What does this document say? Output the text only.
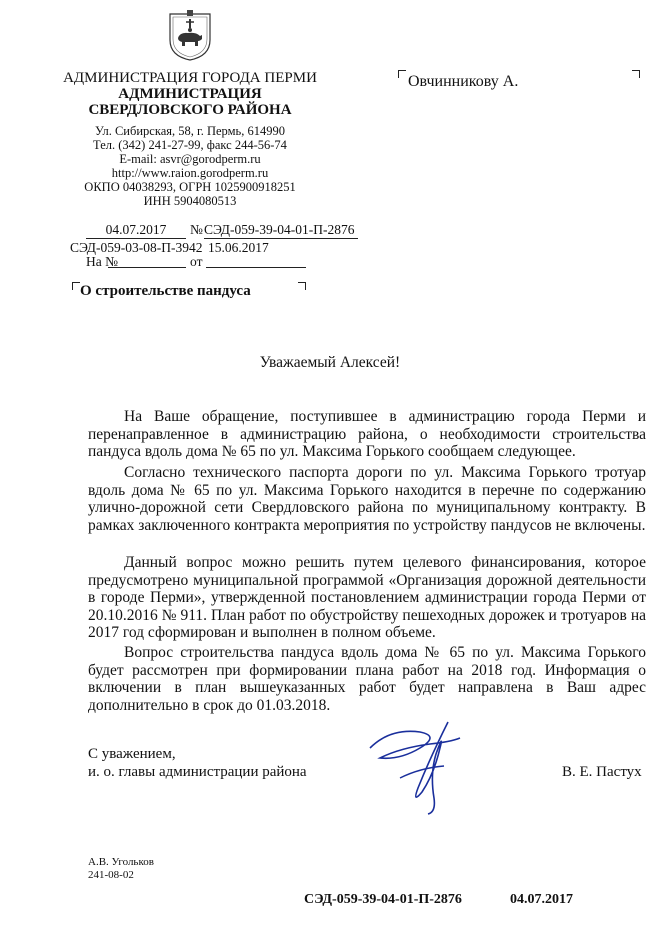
АДМИНИСТРАЦИЯ ГОРОДА ПЕРМИ
АДМИНИСТРАЦИЯ
СВЕРДЛОВСКОГО РАЙОНА
Ул. Сибирская, 58, г. Пермь, 614990
Тел. (342) 241-27-99, факс 244-56-74
E-mail: asvr@gorodperm.ru
http://www.raion.gorodperm.ru
ОКПО 04038293, ОГРН 1025900918251
ИНН 5904080513
Овчинникову А.
04.07.2017	№ СЭД-059-39-04-01-П-2876
СЭД-059-03-08-П-3942 15.06.2017
На №	от
О строительстве пандуса
Уважаемый Алексей!
На Ваше обращение, поступившее в администрацию города Перми и перенаправленное в администрацию района, о необходимости строительства пандуса вдоль дома № 65 по ул. Максима Горького сообщаем следующее.
Согласно технического паспорта дороги по ул. Максима Горького тротуар вдоль дома № 65 по ул. Максима Горького находится в перечне по содержанию улично-дорожной сети Свердловского района по муниципальному контракту. В рамках заключенного контракта мероприятия по устройству пандусов не включены.
Данный вопрос можно решить путем целевого финансирования, которое предусмотрено муниципальной программой «Организация дорожной деятельности в городе Перми», утвержденной постановлением администрации города Перми от 20.10.2016 № 911. План работ по обустройству пешеходных дорожек и тротуаров на 2017 год сформирован и выполнен в полном объеме.
Вопрос строительства пандуса вдоль дома № 65 по ул. Максима Горького будет рассмотрен при формировании плана работ на 2018 год. Информация о включении в план вышеуказанных работ будет направлена в Ваш адрес дополнительно в срок до 01.03.2018.
С уважением,
и. о. главы администрации района	В. Е. Пастух
А.В. Угольков
241-08-02
СЭД-059-39-04-01-П-2876	04.07.2017
